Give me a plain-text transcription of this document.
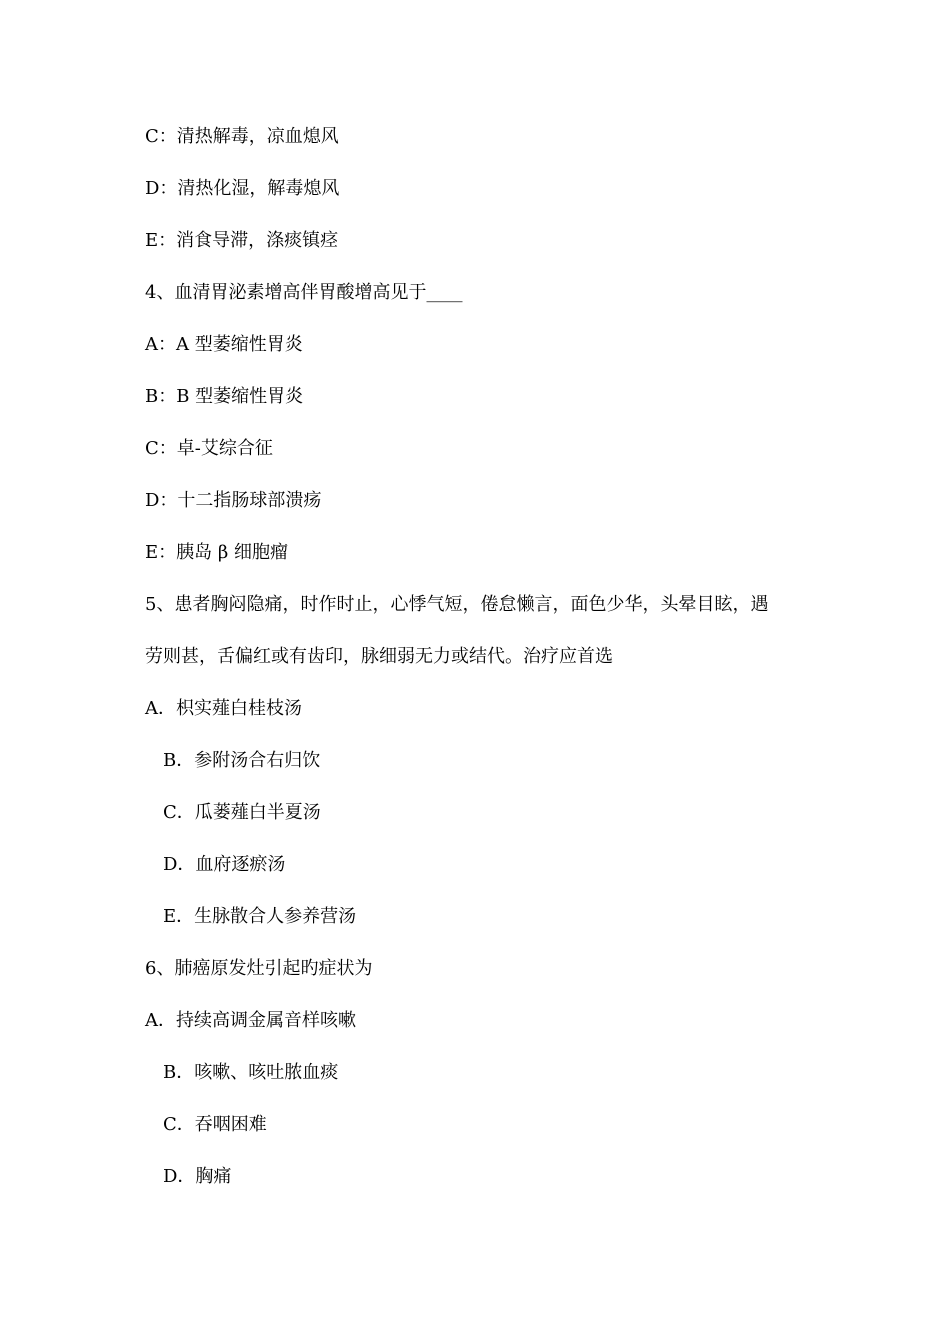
C：清热解毒，凉血熄风
D：清热化湿，解毒熄风
E：消食导滞，涤痰镇痉
4、血清胃泌素增高伴胃酸增高见于____
A：A 型萎缩性胃炎
B：B 型萎缩性胃炎
C：卓-艾综合征
D：十二指肠球部溃疡
E：胰岛 β 细胞瘤
5、患者胸闷隐痛，时作时止，心悸气短，倦怠懒言，面色少华，头晕目眩，遇
劳则甚，舌偏红或有齿印，脉细弱无力或结代。治疗应首选
A．枳实薤白桂枝汤
B．参附汤合右归饮
C．瓜蒌薤白半夏汤
D．血府逐瘀汤
E．生脉散合人参养营汤
6、肺癌原发灶引起旳症状为
A．持续高调金属音样咳嗽
B．咳嗽、咳吐脓血痰
C．吞咽困难
D．胸痛
